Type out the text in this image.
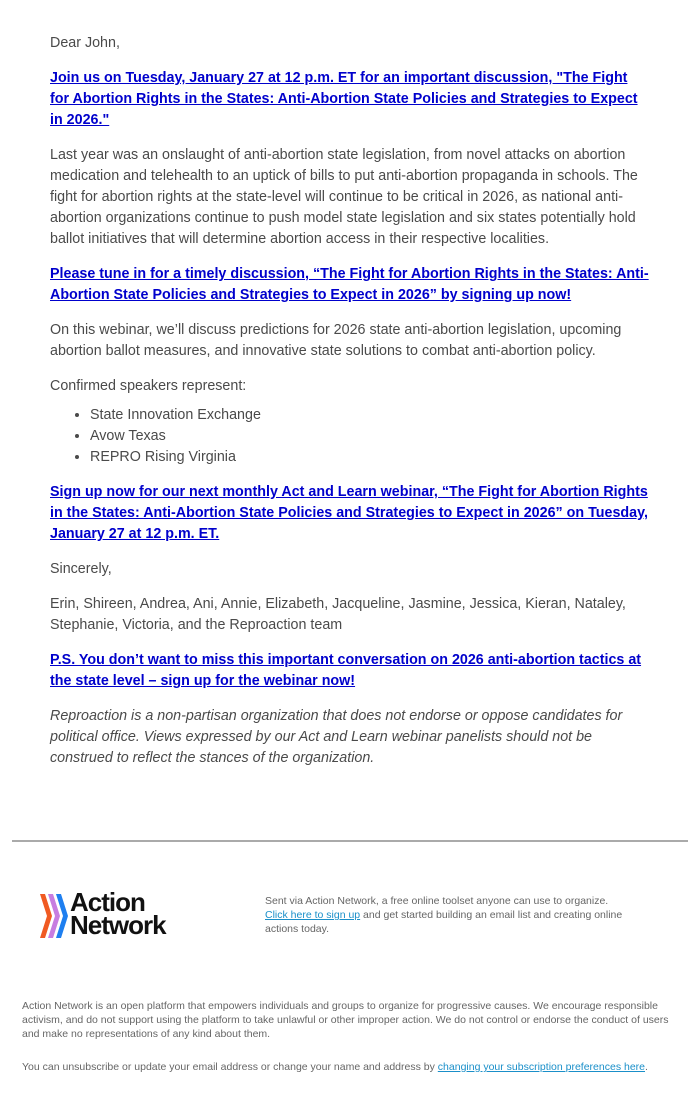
Dear John,

Join us on Tuesday, January 27 at 12 p.m. ET for an important discussion, "The Fight for Abortion Rights in the States: Anti-Abortion State Policies and Strategies to Expect in 2026."

Last year was an onslaught of anti-abortion state legislation, from novel attacks on abortion medication and telehealth to an uptick of bills to put anti-abortion propaganda in schools. The fight for abortion rights at the state-level will continue to be critical in 2026, as national anti-abortion organizations continue to push model state legislation and six states potentially hold ballot initiatives that will determine abortion access in their respective localities.

Please tune in for a timely discussion, “The Fight for Abortion Rights in the States: Anti-Abortion State Policies and Strategies to Expect in 2026” by signing up now!

On this webinar, we’ll discuss predictions for 2026 state anti-abortion legislation, upcoming abortion ballot measures, and innovative state solutions to combat anti-abortion policy.

Confirmed speakers represent:

• State Innovation Exchange
• Avow Texas
• REPRO Rising Virginia

Sign up now for our next monthly Act and Learn webinar, “The Fight for Abortion Rights in the States: Anti-Abortion State Policies and Strategies to Expect in 2026” on Tuesday, January 27 at 12 p.m. ET.

Sincerely,

Erin, Shireen, Andrea, Ani, Annie, Elizabeth, Jacqueline, Jasmine, Jessica, Kieran, Nataley, Stephanie, Victoria, and the Reproaction team

P.S. You don’t want to miss this important conversation on 2026 anti-abortion tactics at the state level – sign up for the webinar now!

Reproaction is a non-partisan organization that does not endorse or oppose candidates for political office. Views expressed by our Act and Learn webinar panelists should not be construed to reflect the stances of the organization.

Action
Network
Sent via Action Network, a free online toolset anyone can use to organize.
Click here to sign up and get started building an email list and creating online actions today.
Action Network is an open platform that empowers individuals and groups to organize for progressive causes. We encourage responsible activism, and do not support using the platform to take unlawful or other improper action. We do not control or endorse the conduct of users and make no representations of any kind about them.
You can unsubscribe or update your email address or change your name and address by changing your subscription preferences here.
